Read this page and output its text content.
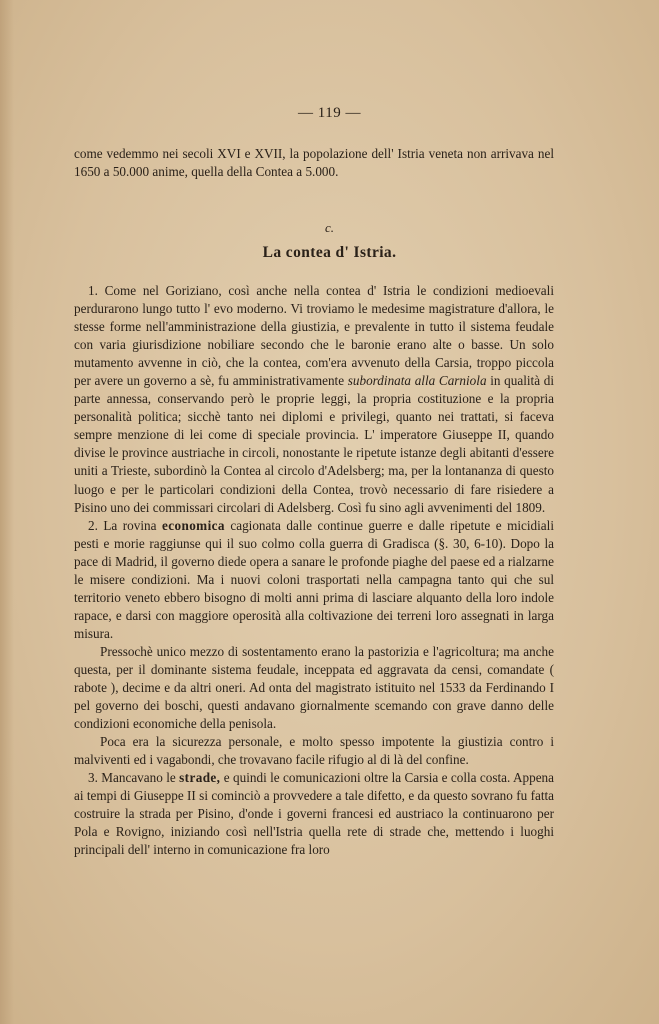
— 119 —

come vedemmo nei secoli XVI e XVII, la popolazione dell' Istria veneta non arrivava nel 1650 a 50.000 anime, quella della Contea a 5.000.

c.
La contea d' Istria.

1. Come nel Goriziano, così anche nella contea d' Istria le condizioni medioevali perdurarono lungo tutto l' evo moderno. Vi troviamo le medesime magistrature d'allora, le stesse forme nell'amministrazione della giustizia, e prevalente in tutto il sistema feudale con varia giurisdizione nobiliare secondo che le baronie erano alte o basse. Un solo mutamento avvenne in ciò, che la contea, com'era avvenuto della Carsia, troppo piccola per avere un governo a sè, fu amministrativamente subordinata alla Carniola in qualità di parte annessa, conservando però le proprie leggi, la propria costituzione e la propria personalità politica; sicchè tanto nei diplomi e privilegi, quanto nei trattati, si faceva sempre menzione di lei come di speciale provincia. L' imperatore Giuseppe II, quando divise le province austriache in circoli, nonostante le ripetute istanze degli abitanti d'essere uniti a Trieste, subordinò la Contea al circolo d'Adelsberg; ma, per la lontananza di questo luogo e per le particolari condizioni della Contea, trovò necessario di fare risiedere a Pisino uno dei commissari circolari di Adelsberg. Così fu sino agli avvenimenti del 1809.

2. La rovina economica cagionata dalle continue guerre e dalle ripetute e micidiali pesti e morie raggiunse qui il suo colmo colla guerra di Gradisca (§. 30, 6-10). Dopo la pace di Madrid, il governo diede opera a sanare le profonde piaghe del paese ed a rialzarne le misere condizioni. Ma i nuovi coloni trasportati nella campagna tanto qui che sul territorio veneto ebbero bisogno di molti anni prima di lasciare alquanto della loro indole rapace, e darsi con maggiore operosità alla coltivazione dei terreni loro assegnati in larga misura.

Pressochè unico mezzo di sostentamento erano la pastorizia e l'agricoltura; ma anche questa, per il dominante sistema feudale, inceppata ed aggravata da censi, comandate ( rabote ), decime e da altri oneri. Ad onta del magistrato istituito nel 1533 da Ferdinando I pel governo dei boschi, questi andavano giornalmente scemando con grave danno delle condizioni economiche della penisola.

Poca era la sicurezza personale, e molto spesso impotente la giustizia contro i malviventi ed i vagabondi, che trovavano facile rifugio al di là del confine.

3. Mancavano le strade, e quindi le comunicazioni oltre la Carsia e colla costa. Appena ai tempi di Giuseppe II si cominciò a provvedere a tale difetto, e da questo sovrano fu fatta costruire la strada per Pisino, d'onde i governi francesi ed austriaco la continuarono per Pola e Rovigno, iniziando così nell'Istria quella rete di strade che, mettendo i luoghi principali dell' interno in comunicazione fra loro
